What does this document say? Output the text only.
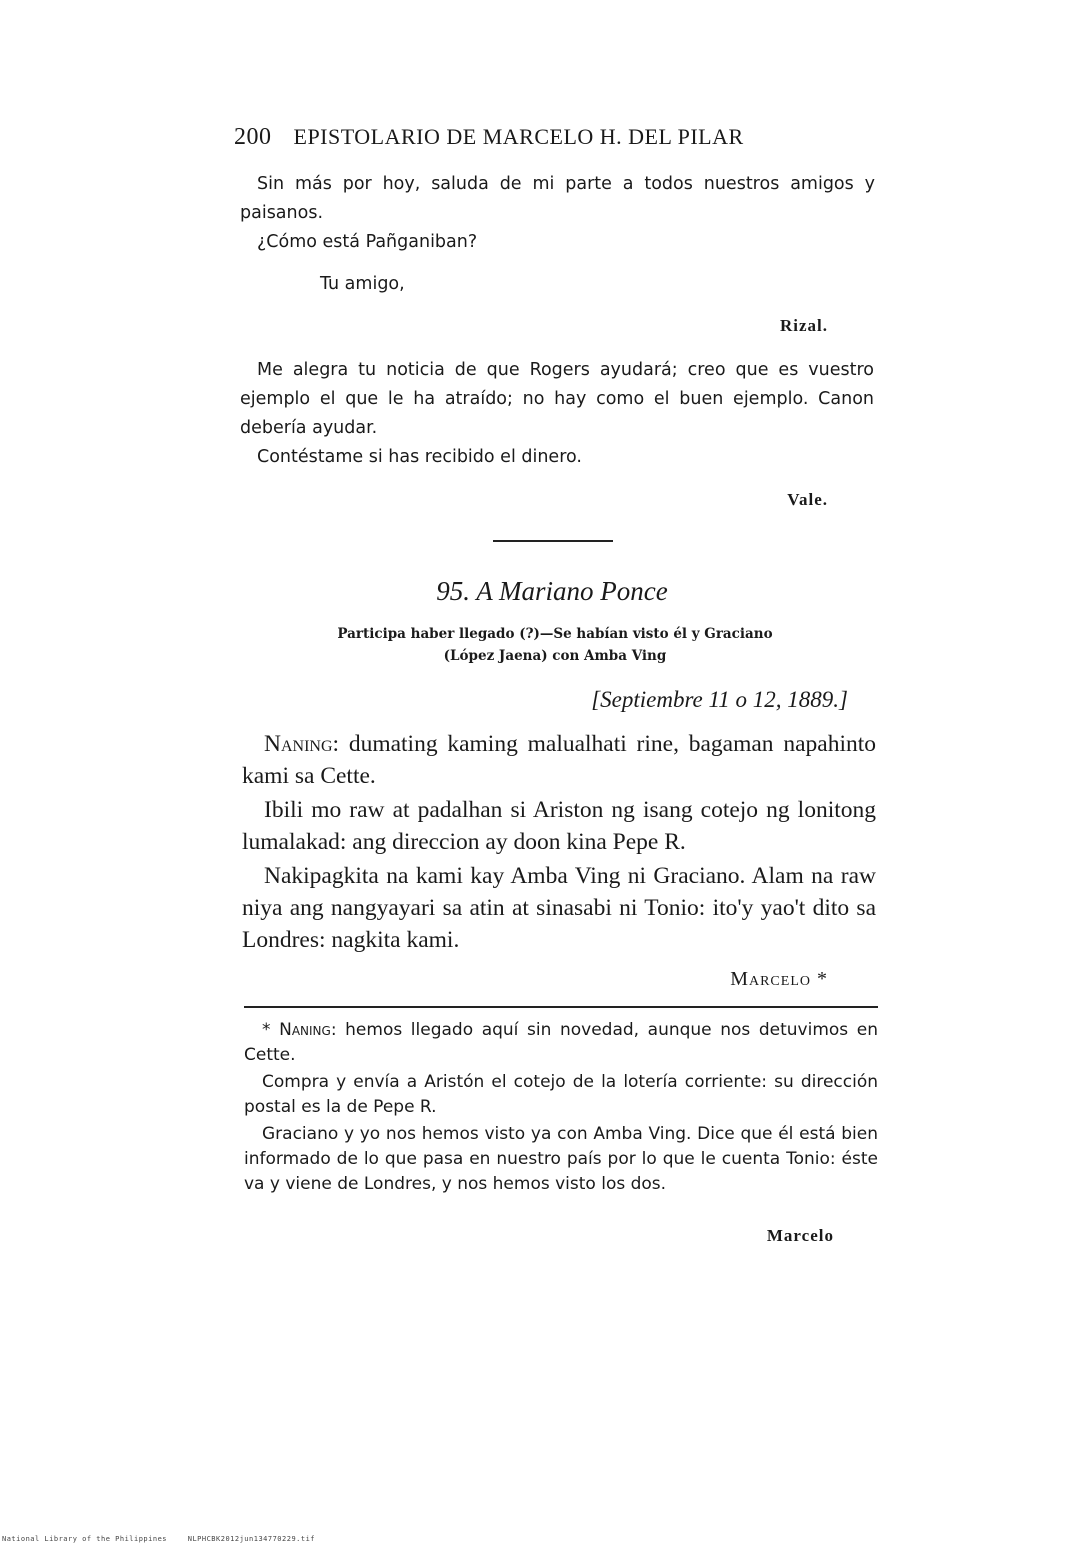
200 EPISTOLARIO DE MARCELO H. DEL PILAR

Sin más por hoy, saluda de mi parte a todos nuestros amigos y paisanos.

¿Cómo está Pañganiban?

Tu amigo,
Rizal.

Me alegra tu noticia de que Rogers ayudará; creo que es vuestro ejemplo el que le ha atraído; no hay como el buen ejemplo. Canon debería ayudar.

Contéstame si has recibido el dinero.

Vale.
95. A Mariano Ponce
Participa haber llegado (?)—Se habían visto él y Graciano
(López Jaena) con Amba Ving
[Septiembre 11 o 12, 1889.]

Naning: dumating kaming malualhati rine, bagaman napahinto kami sa Cette.

Ibili mo raw at padalhan si Ariston ng isang cotejo ng lonitong lumalakad: ang direccion ay doon kina Pepe R.

Nakipagkita na kami kay Amba Ving ni Graciano. Alam na raw niya ang nangyayari sa atin at sinasabi ni Tonio: ito'y yao't dito sa Londres: nagkita kami.

Marcelo *

* Naning: hemos llegado aquí sin novedad, aunque nos detuvimos en Cette.

Compra y envía a Aristón el cotejo de la lotería corriente: su dirección postal es la de Pepe R.

Graciano y yo nos hemos visto ya con Amba Ving. Dice que él está bien informado de lo que pasa en nuestro país por lo que le cuenta Tonio: éste va y viene de Londres, y nos hemos visto los dos.

Marcelo
National Library of the Philippines	NLPHCBK2012jun134770229.tif
